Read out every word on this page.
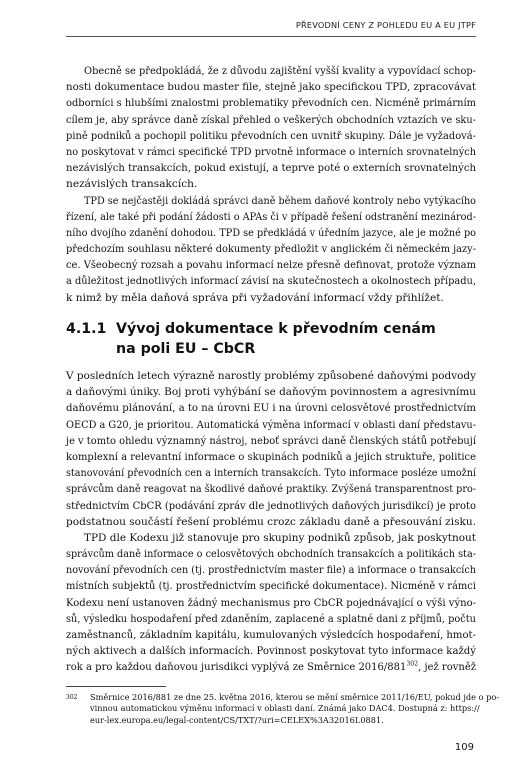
PŘEVODNÍ CENY Z POHLEDU EU A EU JTPF

Obecně se předpokládá, že z důvodu zajištění vyšší kvality a vypovídací schop-
nosti dokumentace budou master file, stejně jako specifickou TPD, zpracovávat
odborníci s hlubšími znalostmi problematiky převodních cen. Nicméně primárním
cílem je, aby správce daně získal přehled o veškerých obchodních vztazích ve sku-
pině podniků a pochopil politiku převodních cen uvnitř skupiny. Dále je vyžadová-
no poskytovat v rámci specifické TPD prvotně informace o interních srovnatelných
nezávislých transakcích, pokud existují, a teprve poté o externích srovnatelných
nezávislých transakcích.

TPD se nejčastěji dokládá správci daně během daňové kontroly nebo vytýkacího
řízení, ale také při podání žádosti o APAs či v případě řešení odstranění mezinárod-
ního dvojího zdanění dohodou. TPD se předkládá v úředním jazyce, ale je možné po
předchozím souhlasu některé dokumenty předložit v anglickém či německém jazy-
ce. Všeobecný rozsah a povahu informací nelze přesně definovat, protože význam
a důležitost jednotlivých informací závisí na skutečnostech a okolnostech případu,
k nimž by měla daňová správa při vyžadování informací vždy přihlížet.

4.1.1 Vývoj dokumentace k převodním cenám
na poli EU – CbCR

V posledních letech výrazně narostly problémy způsobené daňovými podvody
a daňovými úniky. Boj proti vyhýbání se daňovým povinnostem a agresivnímu
daňovému plánování, a to na úrovni EU i na úrovni celosvětové prostřednictvím
OECD a G20, je prioritou. Automatická výměna informací v oblasti daní představu-
je v tomto ohledu významný nástroj, neboť správci daně členských států potřebují
komplexní a relevantní informace o skupinách podniků a jejich struktuře, politice
stanovování převodních cen a interních transakcích. Tyto informace posléze umožní
správcům daně reagovat na škodlivé daňové praktiky. Zvýšená transparentnost pro-
střednictvím CbCR (podávání zpráv dle jednotlivých daňových jurisdikcí) je proto
podstatnou součástí řešení problému crozc základu daně a přesouvání zisku.

TPD dle Kodexu již stanovuje pro skupiny podniků způsob, jak poskytnout
správcům daně informace o celosvětových obchodních transakcích a politikách sta-
novování převodních cen (tj. prostřednictvím master file) a informace o transakcích
místních subjektů (tj. prostřednictvím specifické dokumentace). Nicméně v rámci
Kodexu není ustanoven žádný mechanismus pro CbCR pojednávající o výši výno-
sů, výsledku hospodaření před zdaněním, zaplacené a splatné dani z příjmů, počtu
zaměstnanců, základním kapitálu, kumulovaných výsledcích hospodaření, hmot-
ných aktivech a dalších informacích. Povinnost poskytovat tyto informace každý
rok a pro každou daňovou jurisdikci vyplývá ze Směrnice $2016/881^{302}$, jež rovněž

302 Směrnice 2016/881 ze dne 25. května 2016, kterou se mění směrnice 2011/16/EU, pokud jde o po-
vinnou automatickou výměnu informací v oblasti daní. Známá jako DAC4. Dostupná z: https://
eur-lex.europa.eu/legal-content/CS/TXT/?uri=CELEX%3A32016L0881.
109
